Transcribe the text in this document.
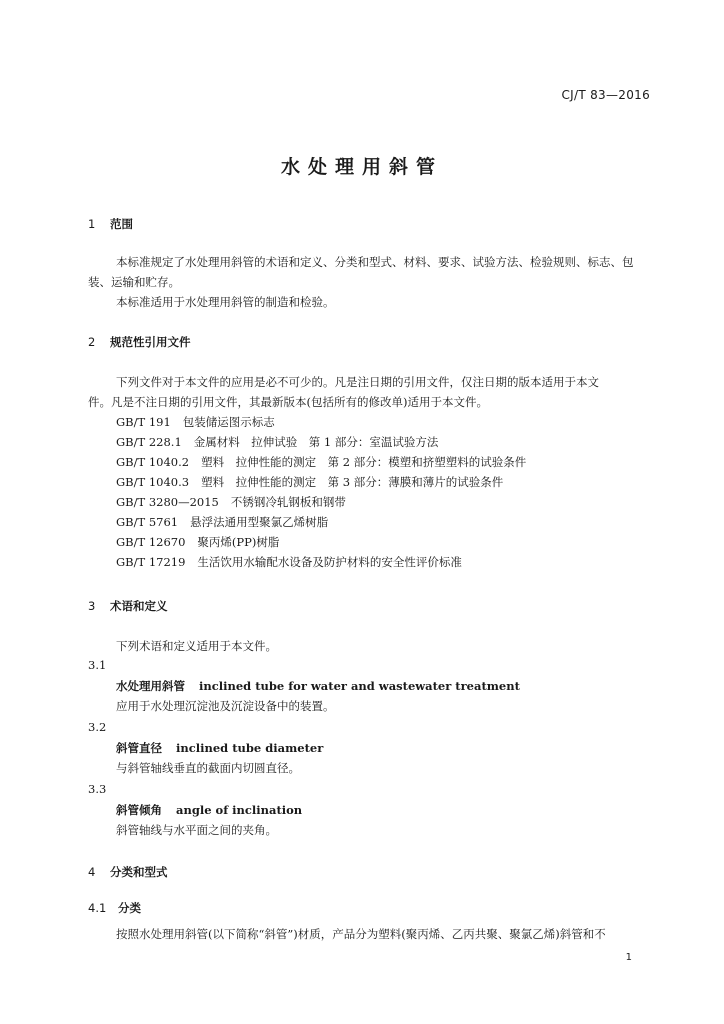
CJ/T 83—2016
水处理用斜管
1 范围
本标准规定了水处理用斜管的术语和定义、分类和型式、材料、要求、试验方法、检验规则、标志、包
装、运输和贮存。
本标准适用于水处理用斜管的制造和检验。
2 规范性引用文件
下列文件对于本文件的应用是必不可少的。凡是注日期的引用文件，仅注日期的版本适用于本文
件。凡是不注日期的引用文件，其最新版本(包括所有的修改单)适用于本文件。
GB/T 191 包装储运图示标志
GB/T 228.1 金属材料　拉伸试验　第 1 部分：室温试验方法
GB/T 1040.2 塑料　拉伸性能的测定　第 2 部分：模塑和挤塑塑料的试验条件
GB/T 1040.3 塑料　拉伸性能的测定　第 3 部分：薄膜和薄片的试验条件
GB/T 3280—2015 不锈钢冷轧钢板和钢带
GB/T 5761 悬浮法通用型聚氯乙烯树脂
GB/T 12670 聚丙烯(PP)树脂
GB/T 17219 生活饮用水输配水设备及防护材料的安全性评价标准
3 术语和定义
下列术语和定义适用于本文件。
3.1
水处理用斜管 inclined tube for water and wastewater treatment
应用于水处理沉淀池及沉淀设备中的装置。
3.2
斜管直径 inclined tube diameter
与斜管轴线垂直的截面内切圆直径。
3.3
斜管倾角 angle of inclination
斜管轴线与水平面之间的夹角。
4 分类和型式
4.1 分类
按照水处理用斜管(以下简称“斜管”)材质，产品分为塑料(聚丙烯、乙丙共聚、聚氯乙烯)斜管和不
1
